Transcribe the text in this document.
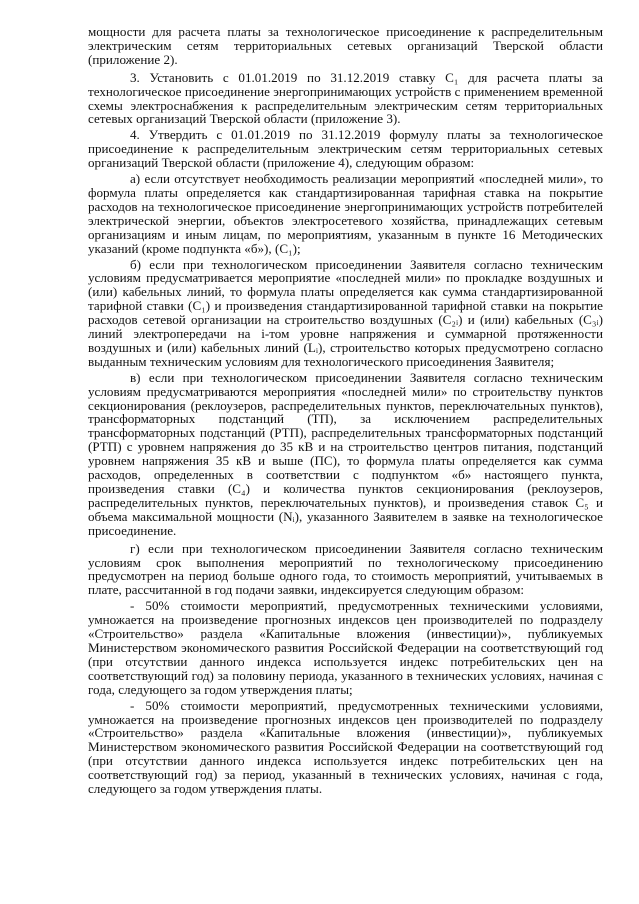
мощности для расчета платы за технологическое присоединение к распределительным электрическим сетям территориальных сетевых организаций Тверской области (приложение 2).

3. Установить с 01.01.2019 по 31.12.2019 ставку C₁ для расчета платы за технологическое присоединение энергопринимающих устройств с применением временной схемы электроснабжения к распределительным электрическим сетям территориальных сетевых организаций Тверской области (приложение 3).

4. Утвердить с 01.01.2019 по 31.12.2019 формулу платы за технологическое присоединение к распределительным электрическим сетям территориальных сетевых организаций Тверской области (приложение 4), следующим образом:

а) если отсутствует необходимость реализации мероприятий «последней мили», то формула платы определяется как стандартизированная тарифная ставка на покрытие расходов на технологическое присоединение энергопринимающих устройств потребителей электрической энергии, объектов электросетевого хозяйства, принадлежащих сетевым организациям и иным лицам, по мероприятиям, указанным в пункте 16 Методических указаний (кроме подпункта «б»), (C₁);

б) если при технологическом присоединении Заявителя согласно техническим условиям предусматривается мероприятие «последней мили» по прокладке воздушных и (или) кабельных линий, то формула платы определяется как сумма стандартизированной тарифной ставки (C₁) и произведения стандартизированной тарифной ставки на покрытие расходов сетевой организации на строительство воздушных (C₂ᵢ) и (или) кабельных (C₃ᵢ) линий электропередачи на i-том уровне напряжения и суммарной протяженности воздушных и (или) кабельных линий (Lᵢ), строительство которых предусмотрено согласно выданным техническим условиям для технологического присоединения Заявителя;

в) если при технологическом присоединении Заявителя согласно техническим условиям предусматриваются мероприятия «последней мили» по строительству пунктов секционирования (реклоузеров, распределительных пунктов, переключательных пунктов), трансформаторных подстанций (ТП), за исключением распределительных трансформаторных подстанций (РТП), распределительных трансформаторных подстанций (РТП) с уровнем напряжения до 35 кВ и на строительство центров питания, подстанций уровнем напряжения 35 кВ и выше (ПС), то формула платы определяется как сумма расходов, определенных в соответствии с подпунктом «б» настоящего пункта, произведения ставки (C₄) и количества пунктов секционирования (реклоузеров, распределительных пунктов, переключательных пунктов), и произведения ставок C₅ и объема максимальной мощности (Nᵢ), указанного Заявителем в заявке на технологическое присоединение.

г) если при технологическом присоединении Заявителя согласно техническим условиям срок выполнения мероприятий по технологическому присоединению предусмотрен на период больше одного года, то стоимость мероприятий, учитываемых в плате, рассчитанной в год подачи заявки, индексируется следующим образом:

- 50% стоимости мероприятий, предусмотренных техническими условиями, умножается на произведение прогнозных индексов цен производителей по подразделу «Строительство» раздела «Капитальные вложения (инвестиции)», публикуемых Министерством экономического развития Российской Федерации на соответствующий год (при отсутствии данного индекса используется индекс потребительских цен на соответствующий год) за половину периода, указанного в технических условиях, начиная с года, следующего за годом утверждения платы;

- 50% стоимости мероприятий, предусмотренных техническими условиями, умножается на произведение прогнозных индексов цен производителей по подразделу «Строительство» раздела «Капитальные вложения (инвестиции)», публикуемых Министерством экономического развития Российской Федерации на соответствующий год (при отсутствии данного индекса используется индекс потребительских цен на соответствующий год) за период, указанный в технических условиях, начиная с года, следующего за годом утверждения платы.
